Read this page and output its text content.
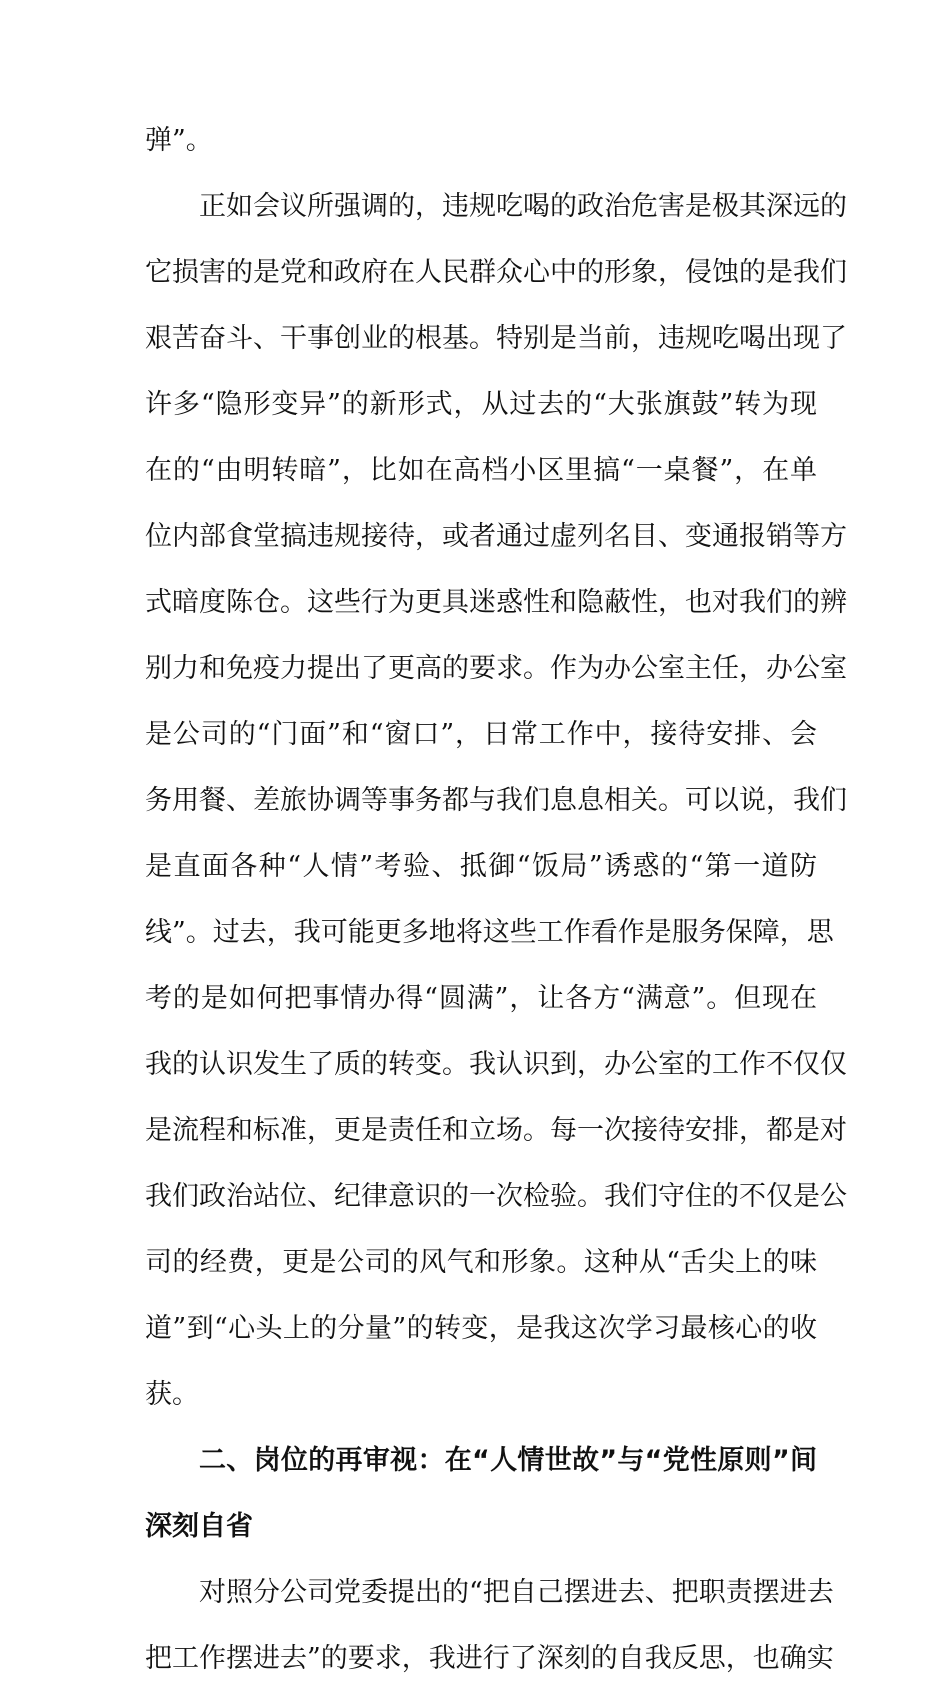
弹”。
正如会议所强调的，违规吃喝的政治危害是极其深远的
它损害的是党和政府在人民群众心中的形象，侵蚀的是我们
艰苦奋斗、干事创业的根基。特别是当前，违规吃喝出现了
许多“隐形变异”的新形式，从过去的“大张旗鼓”转为现
在的“由明转暗”，比如在高档小区里搞“一桌餐”，在单
位内部食堂搞违规接待，或者通过虚列名目、变通报销等方
式暗度陈仓。这些行为更具迷惑性和隐蔽性，也对我们的辨
别力和免疫力提出了更高的要求。作为办公室主任，办公室
是公司的“门面”和“窗口”，日常工作中，接待安排、会
务用餐、差旅协调等事务都与我们息息相关。可以说，我们
是直面各种“人情”考验、抵御“饭局”诱惑的“第一道防
线”。过去，我可能更多地将这些工作看作是服务保障，思
考的是如何把事情办得“圆满”，让各方“满意”。但现在
我的认识发生了质的转变。我认识到，办公室的工作不仅仅
是流程和标准，更是责任和立场。每一次接待安排，都是对
我们政治站位、纪律意识的一次检验。我们守住的不仅是公
司的经费，更是公司的风气和形象。这种从“舌尖上的味
道”到“心头上的分量”的转变，是我这次学习最核心的收
获。
二、岗位的再审视：在“人情世故”与“党性原则”间
深刻自省
对照分公司党委提出的“把自己摆进去、把职责摆进去
把工作摆进去”的要求，我进行了深刻的自我反思，也确实
